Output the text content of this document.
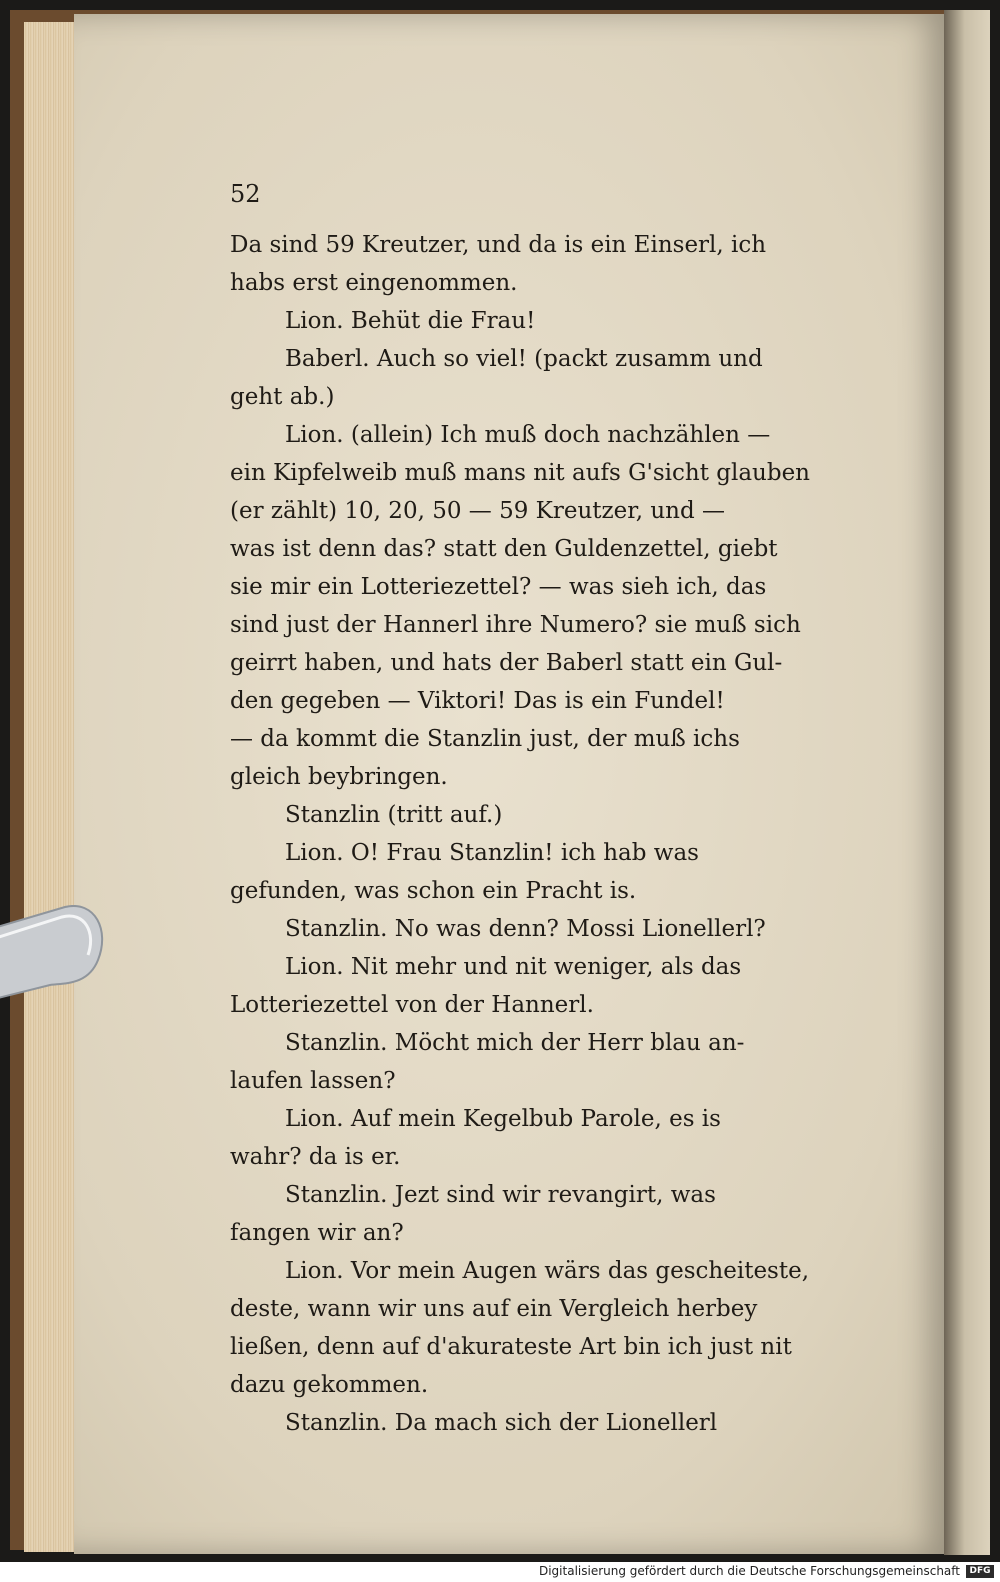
52
Da sind 59 Kreutzer, und da is ein Einserl, ich
habs erst eingenommen.
Lion. Behüt die Frau!
Baberl. Auch so viel! (packt zusamm und
geht ab.)
Lion. (allein) Ich muß doch nachzählen —
ein Kipfelweib muß mans nit aufs G'sicht glauben
(er zählt) 10, 20, 50 — 59 Kreutzer, und —
was ist denn das? statt den Guldenzettel, giebt
sie mir ein Lotteriezettel? — was sieh ich, das
sind just der Hannerl ihre Numero? sie muß sich
geirrt haben, und hats der Baberl statt ein Gul-
den gegeben — Viktori! Das is ein Fundel!
— da kommt die Stanzlin just, der muß ichs
gleich beybringen.
Stanzlin (tritt auf.)
Lion. O! Frau Stanzlin! ich hab was
gefunden, was schon ein Pracht is.
Stanzlin. No was denn? Mossi Lionellerl?
Lion. Nit mehr und nit weniger, als das
Lotteriezettel von der Hannerl.
Stanzlin. Möcht mich der Herr blau an-
laufen lassen?
Lion. Auf mein Kegelbub Parole, es is
wahr? da is er.
Stanzlin. Jezt sind wir revangirt, was
fangen wir an?
Lion. Vor mein Augen wärs das gescheiteste,
deste, wann wir uns auf ein Vergleich herbey
ließen, denn auf d'akurateste Art bin ich just nit
dazu gekommen.
Stanzlin. Da mach sich der Lionellerl
Digitalisierung gefördert durch die Deutsche Forschungsgemeinschaft	DFG
